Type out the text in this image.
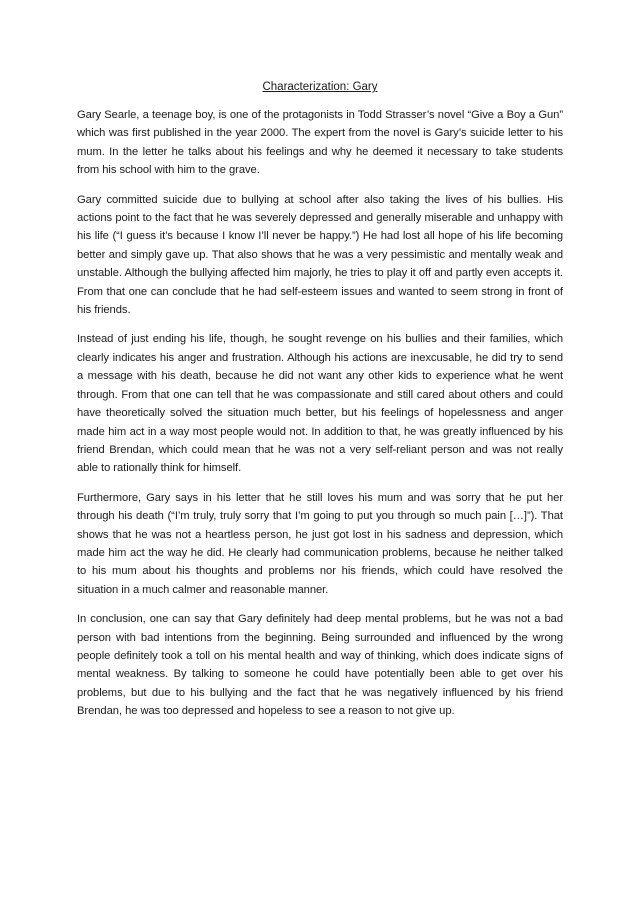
Characterization: Gary

Gary Searle, a teenage boy, is one of the protagonists in Todd Strasser’s novel “Give a Boy a Gun” which was first published in the year 2000. The expert from the novel is Gary’s suicide letter to his mum. In the letter he talks about his feelings and why he deemed it necessary to take students from his school with him to the grave.

Gary committed suicide due to bullying at school after also taking the lives of his bullies. His actions point to the fact that he was severely depressed and generally miserable and unhappy with his life (“I guess it’s because I know I’ll never be happy.”) He had lost all hope of his life becoming better and simply gave up. That also shows that he was a very pessimistic and mentally weak and unstable. Although the bullying affected him majorly, he tries to play it off and partly even accepts it. From that one can conclude that he had self-esteem issues and wanted to seem strong in front of his friends.

Instead of just ending his life, though, he sought revenge on his bullies and their families, which clearly indicates his anger and frustration. Although his actions are inexcusable, he did try to send a message with his death, because he did not want any other kids to experience what he went through. From that one can tell that he was compassionate and still cared about others and could have theoretically solved the situation much better, but his feelings of hopelessness and anger made him act in a way most people would not. In addition to that, he was greatly influenced by his friend Brendan, which could mean that he was not a very self-reliant person and was not really able to rationally think for himself.

Furthermore, Gary says in his letter that he still loves his mum and was sorry that he put her through his death (“I’m truly, truly sorry that I’m going to put you through so much pain […]”). That shows that he was not a heartless person, he just got lost in his sadness and depression, which made him act the way he did. He clearly had communication problems, because he neither talked to his mum about his thoughts and problems nor his friends, which could have resolved the situation in a much calmer and reasonable manner.

In conclusion, one can say that Gary definitely had deep mental problems, but he was not a bad person with bad intentions from the beginning. Being surrounded and influenced by the wrong people definitely took a toll on his mental health and way of thinking, which does indicate signs of mental weakness. By talking to someone he could have potentially been able to get over his problems, but due to his bullying and the fact that he was negatively influenced by his friend Brendan, he was too depressed and hopeless to see a reason to not give up.
